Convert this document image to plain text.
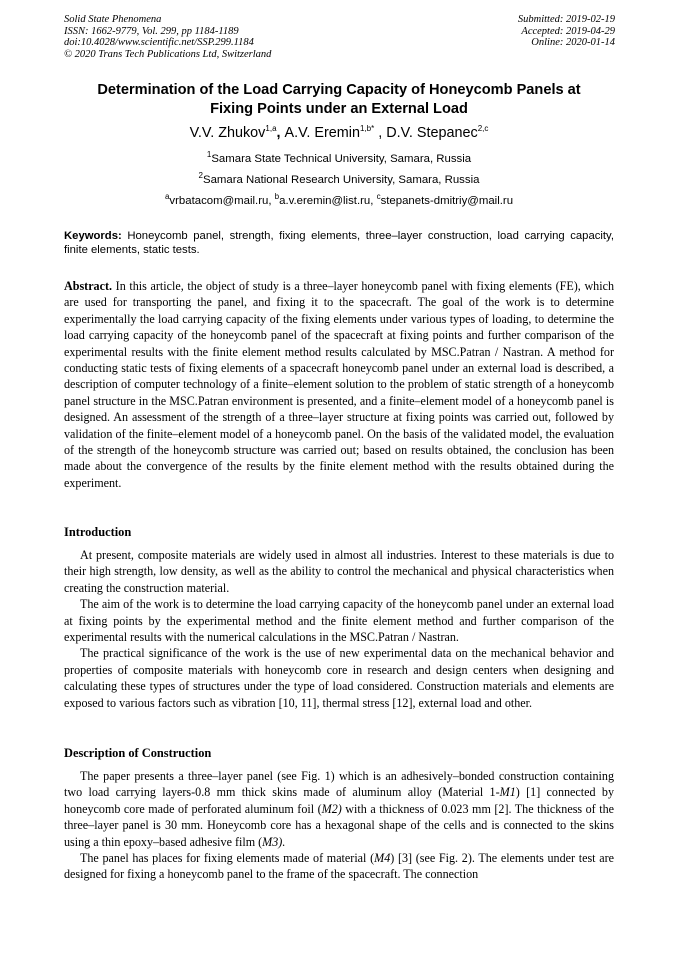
Solid State Phenomena
ISSN: 1662-9779, Vol. 299, pp 1184-1189
doi:10.4028/www.scientific.net/SSP.299.1184
© 2020 Trans Tech Publications Ltd, Switzerland
Submitted: 2019-02-19
Accepted: 2019-04-29
Online: 2020-01-14
Determination of the Load Carrying Capacity of Honeycomb Panels at
Fixing Points under an External Load
V.V. Zhukov$^{1,a}$, A.V. Eremin$^{1,b*}$ , D.V. Stepanec$^{2,c}$
$^1$Samara State Technical University, Samara, Russia
$^2$Samara National Research University, Samara, Russia
$^a$vrbatacom@mail.ru, $^b$a.v.eremin@list.ru, $^c$stepanets-dmitriy@mail.ru
Keywords: Honeycomb panel, strength, fixing elements, three–layer construction, load carrying capacity, finite elements, static tests.

Abstract. In this article, the object of study is a three–layer honeycomb panel with fixing elements (FE), which are used for transporting the panel, and fixing it to the spacecraft. The goal of the work is to determine experimentally the load carrying capacity of the fixing elements under various types of loading, to determine the load carrying capacity of the honeycomb panel of the spacecraft at fixing points and further comparison of the experimental results with the finite element method results calculated by MSC.Patran / Nastran. A method for conducting static tests of fixing elements of a spacecraft honeycomb panel under an external load is described, a description of computer technology of a finite–element solution to the problem of static strength of a honeycomb panel structure in the MSC.Patran environment is presented, and a finite–element model of a honeycomb panel is designed. An assessment of the strength of a three–layer structure at fixing points was carried out, followed by validation of the finite–element model of a honeycomb panel. On the basis of the validated model, the evaluation of the strength of the honeycomb structure was carried out; based on results obtained, the conclusion has been made about the convergence of the results by the finite element method with the results obtained during the experiment.

Introduction

At present, composite materials are widely used in almost all industries. Interest to these materials is due to their high strength, low density, as well as the ability to control the mechanical and physical characteristics when creating the construction material.

The aim of the work is to determine the load carrying capacity of the honeycomb panel under an external load at fixing points by the experimental method and the finite element method and further comparison of the experimental results with the numerical calculations in the MSC.Patran / Nastran.

The practical significance of the work is the use of new experimental data on the mechanical behavior and properties of composite materials with honeycomb core in research and design centers when designing and calculating these types of structures under the type of load considered. Construction materials and elements are exposed to various factors such as vibration [10, 11], thermal stress [12], external load and other.

Description of Construction

The paper presents a three–layer panel (see Fig. 1) which is an adhesively–bonded construction containing two load carrying layers-0.8 mm thick skins made of aluminum alloy (Material 1-M1) [1] connected by honeycomb core made of perforated aluminum foil (M2) with a thickness of 0.023 mm [2]. The thickness of the three–layer panel is 30 mm. Honeycomb core has a hexagonal shape of the cells and is connected to the skins using a thin epoxy–based adhesive film (M3).

The panel has places for fixing elements made of material (M4) [3] (see Fig. 2). The elements under test are designed for fixing a honeycomb panel to the frame of the spacecraft. The connection
